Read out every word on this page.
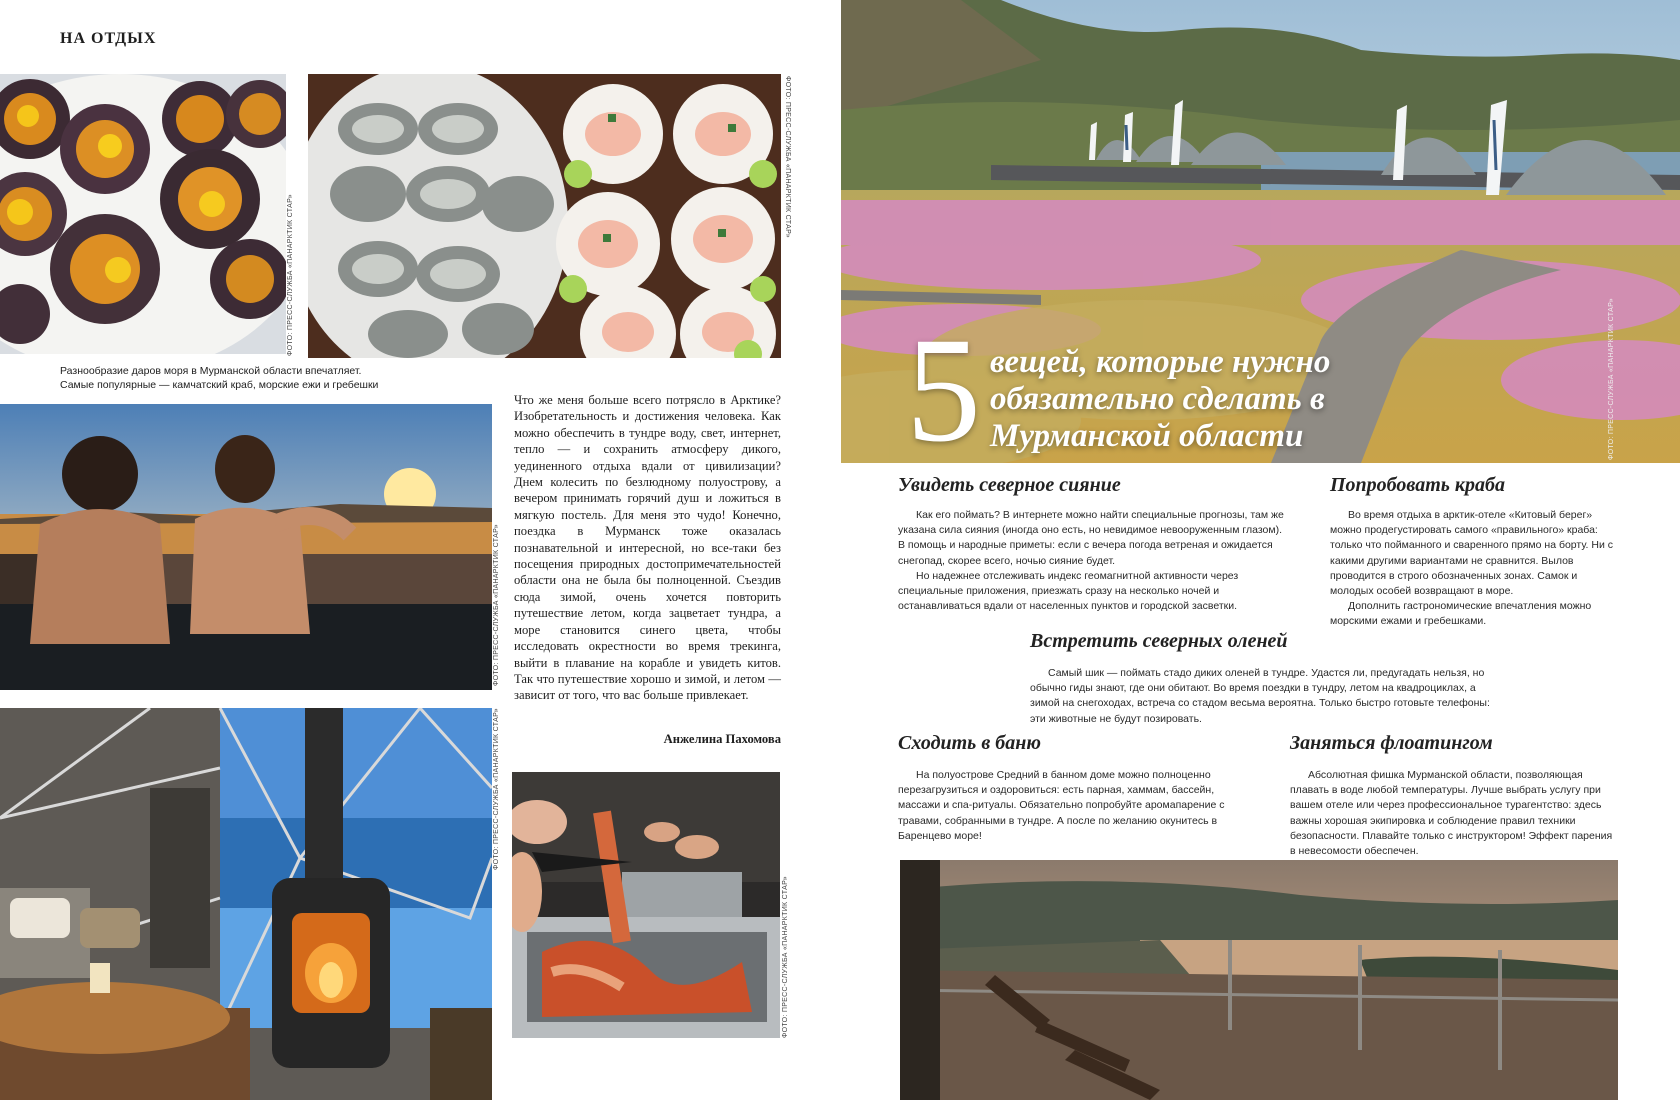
НА ОТДЫХ
ФОТО: ПРЕСС-СЛУЖБА «ПАНАРКТИК СТАР»
ФОТО: ПРЕСС-СЛУЖБА «ПАНАРКТИК СТАР»
Разнообразие даров моря в Мурманской области впечатляет. Самые популярные — камчатский краб, морские ежи и гребешки
ФОТО: ПРЕСС-СЛУЖБА «ПАНАРКТИК СТАР»
Что же меня больше всего потрясло в Арктике? Изобретательность и достижения человека. Как можно обеспечить в тундре воду, свет, интернет, тепло — и сохранить атмосферу дикого, уединенного отдыха вдали от цивилизации? Днем колесить по безлюдному полуострову, а вечером принимать горячий душ и ложиться в мягкую постель. Для меня это чудо! Конечно, поездка в Мурманск тоже оказалась познавательной и интересной, но все-таки без посещения природных достопримечательностей области она не была бы полноценной. Съездив сюда зимой, очень хочется повторить путешествие летом, когда зацветает тундра, а море становится синего цвета, чтобы исследовать окрестности во время трекинга, выйти в плавание на корабле и увидеть китов. Так что путешествие хорошо и зимой, и летом — зависит от того, что вас больше привлекает.
Анжелина Пахомова
ФОТО: ПРЕСС-СЛУЖБА «ПАНАРКТИК СТАР»
ФОТО: ПРЕСС-СЛУЖБА «ПАНАРКТИК СТАР»
ФОТО: ПРЕСС-СЛУЖБА «ПАНАРКТИК СТАР»
5 вещей, которые нужно обязательно сделать в Мурманской области
Увидеть северное сияние

Как его поймать? В интернете можно найти специальные прогнозы, там же указана сила сияния (иногда оно есть, но невидимое невооруженным глазом). В помощь и народные приметы: если с вечера погода ветреная и ожидается снегопад, скорее всего, ночью сияние будет.

Но надежнее отслеживать индекс геомагнитной активности через специальные приложения, приезжать сразу на несколько ночей и останавливаться вдали от населенных пунктов и городской засветки.

Попробовать краба

Во время отдыха в арктик-отеле «Китовый берег» можно продегустировать самого «правильного» краба: только что пойманного и сваренного прямо на борту. Ни с какими другими вариантами не сравнится. Вылов проводится в строго обозначенных зонах. Самок и молодых особей возвращают в море.

Дополнить гастрономические впечатления можно морскими ежами и гребешками.

Встретить северных оленей

Самый шик — поймать стадо диких оленей в тундре. Удастся ли, предугадать нельзя, но обычно гиды знают, где они обитают. Во время поездки в тундру, летом на квадроциклах, а зимой на снегоходах, встреча со стадом весьма вероятна. Только быстро готовьте телефоны: эти животные не будут позировать.

Сходить в баню

На полуострове Средний в банном доме можно полноценно перезагрузиться и оздоровиться: есть парная, хаммам, бассейн, массажи и спа-ритуалы. Обязательно попробуйте аромапарение с травами, собранными в тундре. А после по желанию окунитесь в Баренцево море!

Заняться флоатингом

Абсолютная фишка Мурманской области, позволяющая плавать в воде любой температуры. Лучше выбрать услугу при вашем отеле или через профессиональное турагентство: здесь важны хорошая экипировка и соблюдение правил техники безопасности. Плавайте только с инструктором! Эффект парения в невесомости обеспечен.
